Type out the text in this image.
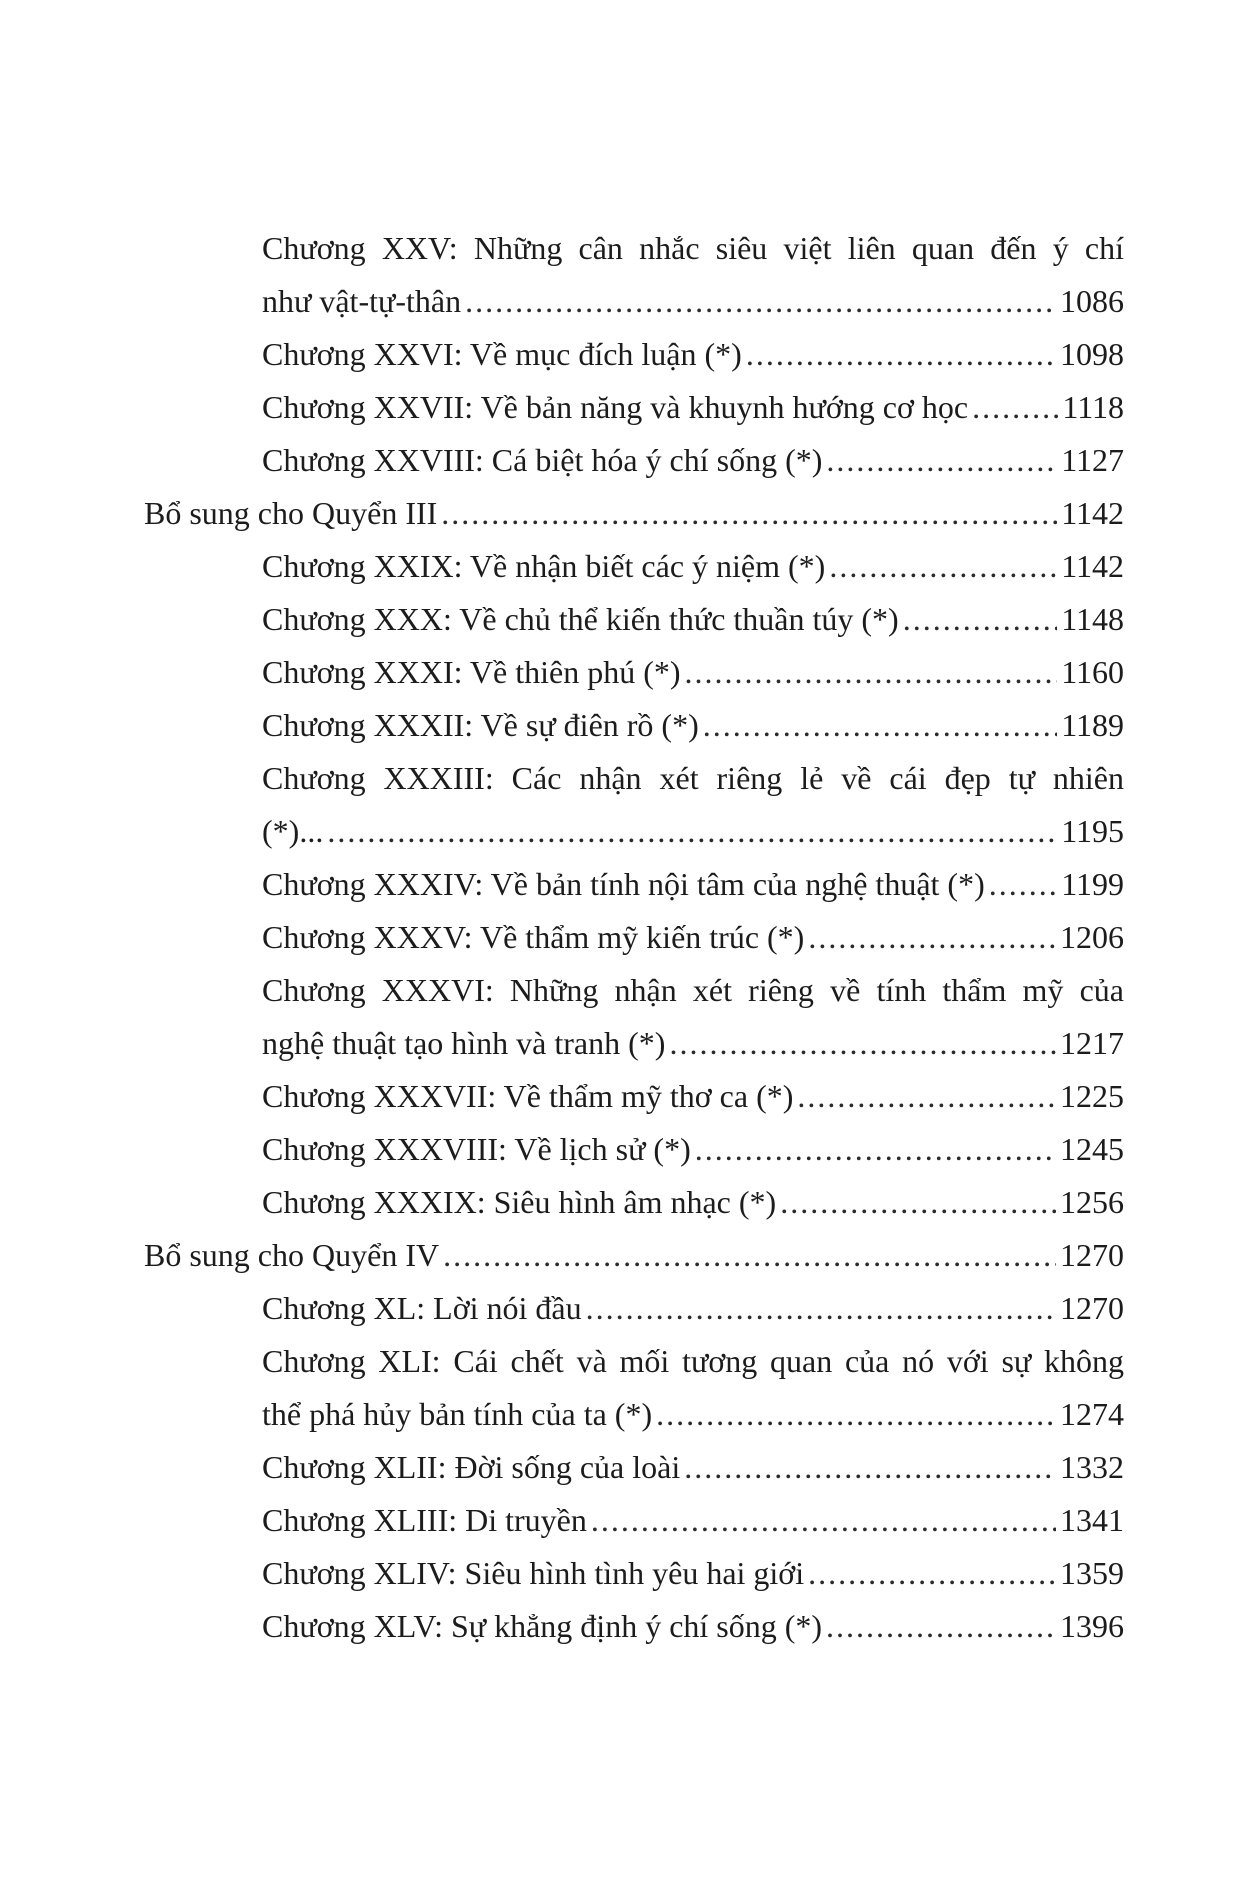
Chương XXV: Những cân nhắc siêu việt liên quan đến ý chí
như vật-tự-thân .....	1086
Chương XXVI: Về mục đích luận (*) .....	1098
Chương XXVII: Về bản năng và khuynh hướng cơ học .....	1118
Chương XXVIII: Cá biệt hóa ý chí sống (*) .....	1127
Bổ sung cho Quyển III .....	1142
Chương XXIX: Về nhận biết các ý niệm (*) .....	1142
Chương XXX: Về chủ thể kiến thức thuần túy (*) .....	1148
Chương XXXI: Về thiên phú (*) .....	1160
Chương XXXII: Về sự điên rồ (*) .....	1189
Chương XXXIII: Các nhận xét riêng lẻ về cái đẹp tự nhiên
(*)... .....	1195
Chương XXXIV: Về bản tính nội tâm của nghệ thuật (*) ..... 1199
Chương XXXV: Về thẩm mỹ kiến trúc (*) .....	1206
Chương XXXVI: Những nhận xét riêng về tính thẩm mỹ của
nghệ thuật tạo hình và tranh (*) .....	1217
Chương XXXVII: Về thẩm mỹ thơ ca (*) .....	1225
Chương XXXVIII: Về lịch sử (*) .....	1245
Chương XXXIX: Siêu hình âm nhạc (*) .....	1256
Bổ sung cho Quyển IV .....	1270
Chương XL: Lời nói đầu .....	1270
Chương XLI: Cái chết và mối tương quan của nó với sự không
thể phá hủy bản tính của ta (*) .....	1274
Chương XLII: Đời sống của loài .....	1332
Chương XLIII: Di truyền .....	1341
Chương XLIV: Siêu hình tình yêu hai giới .....	1359
Chương XLV: Sự khẳng định ý chí sống (*) .....	1396
